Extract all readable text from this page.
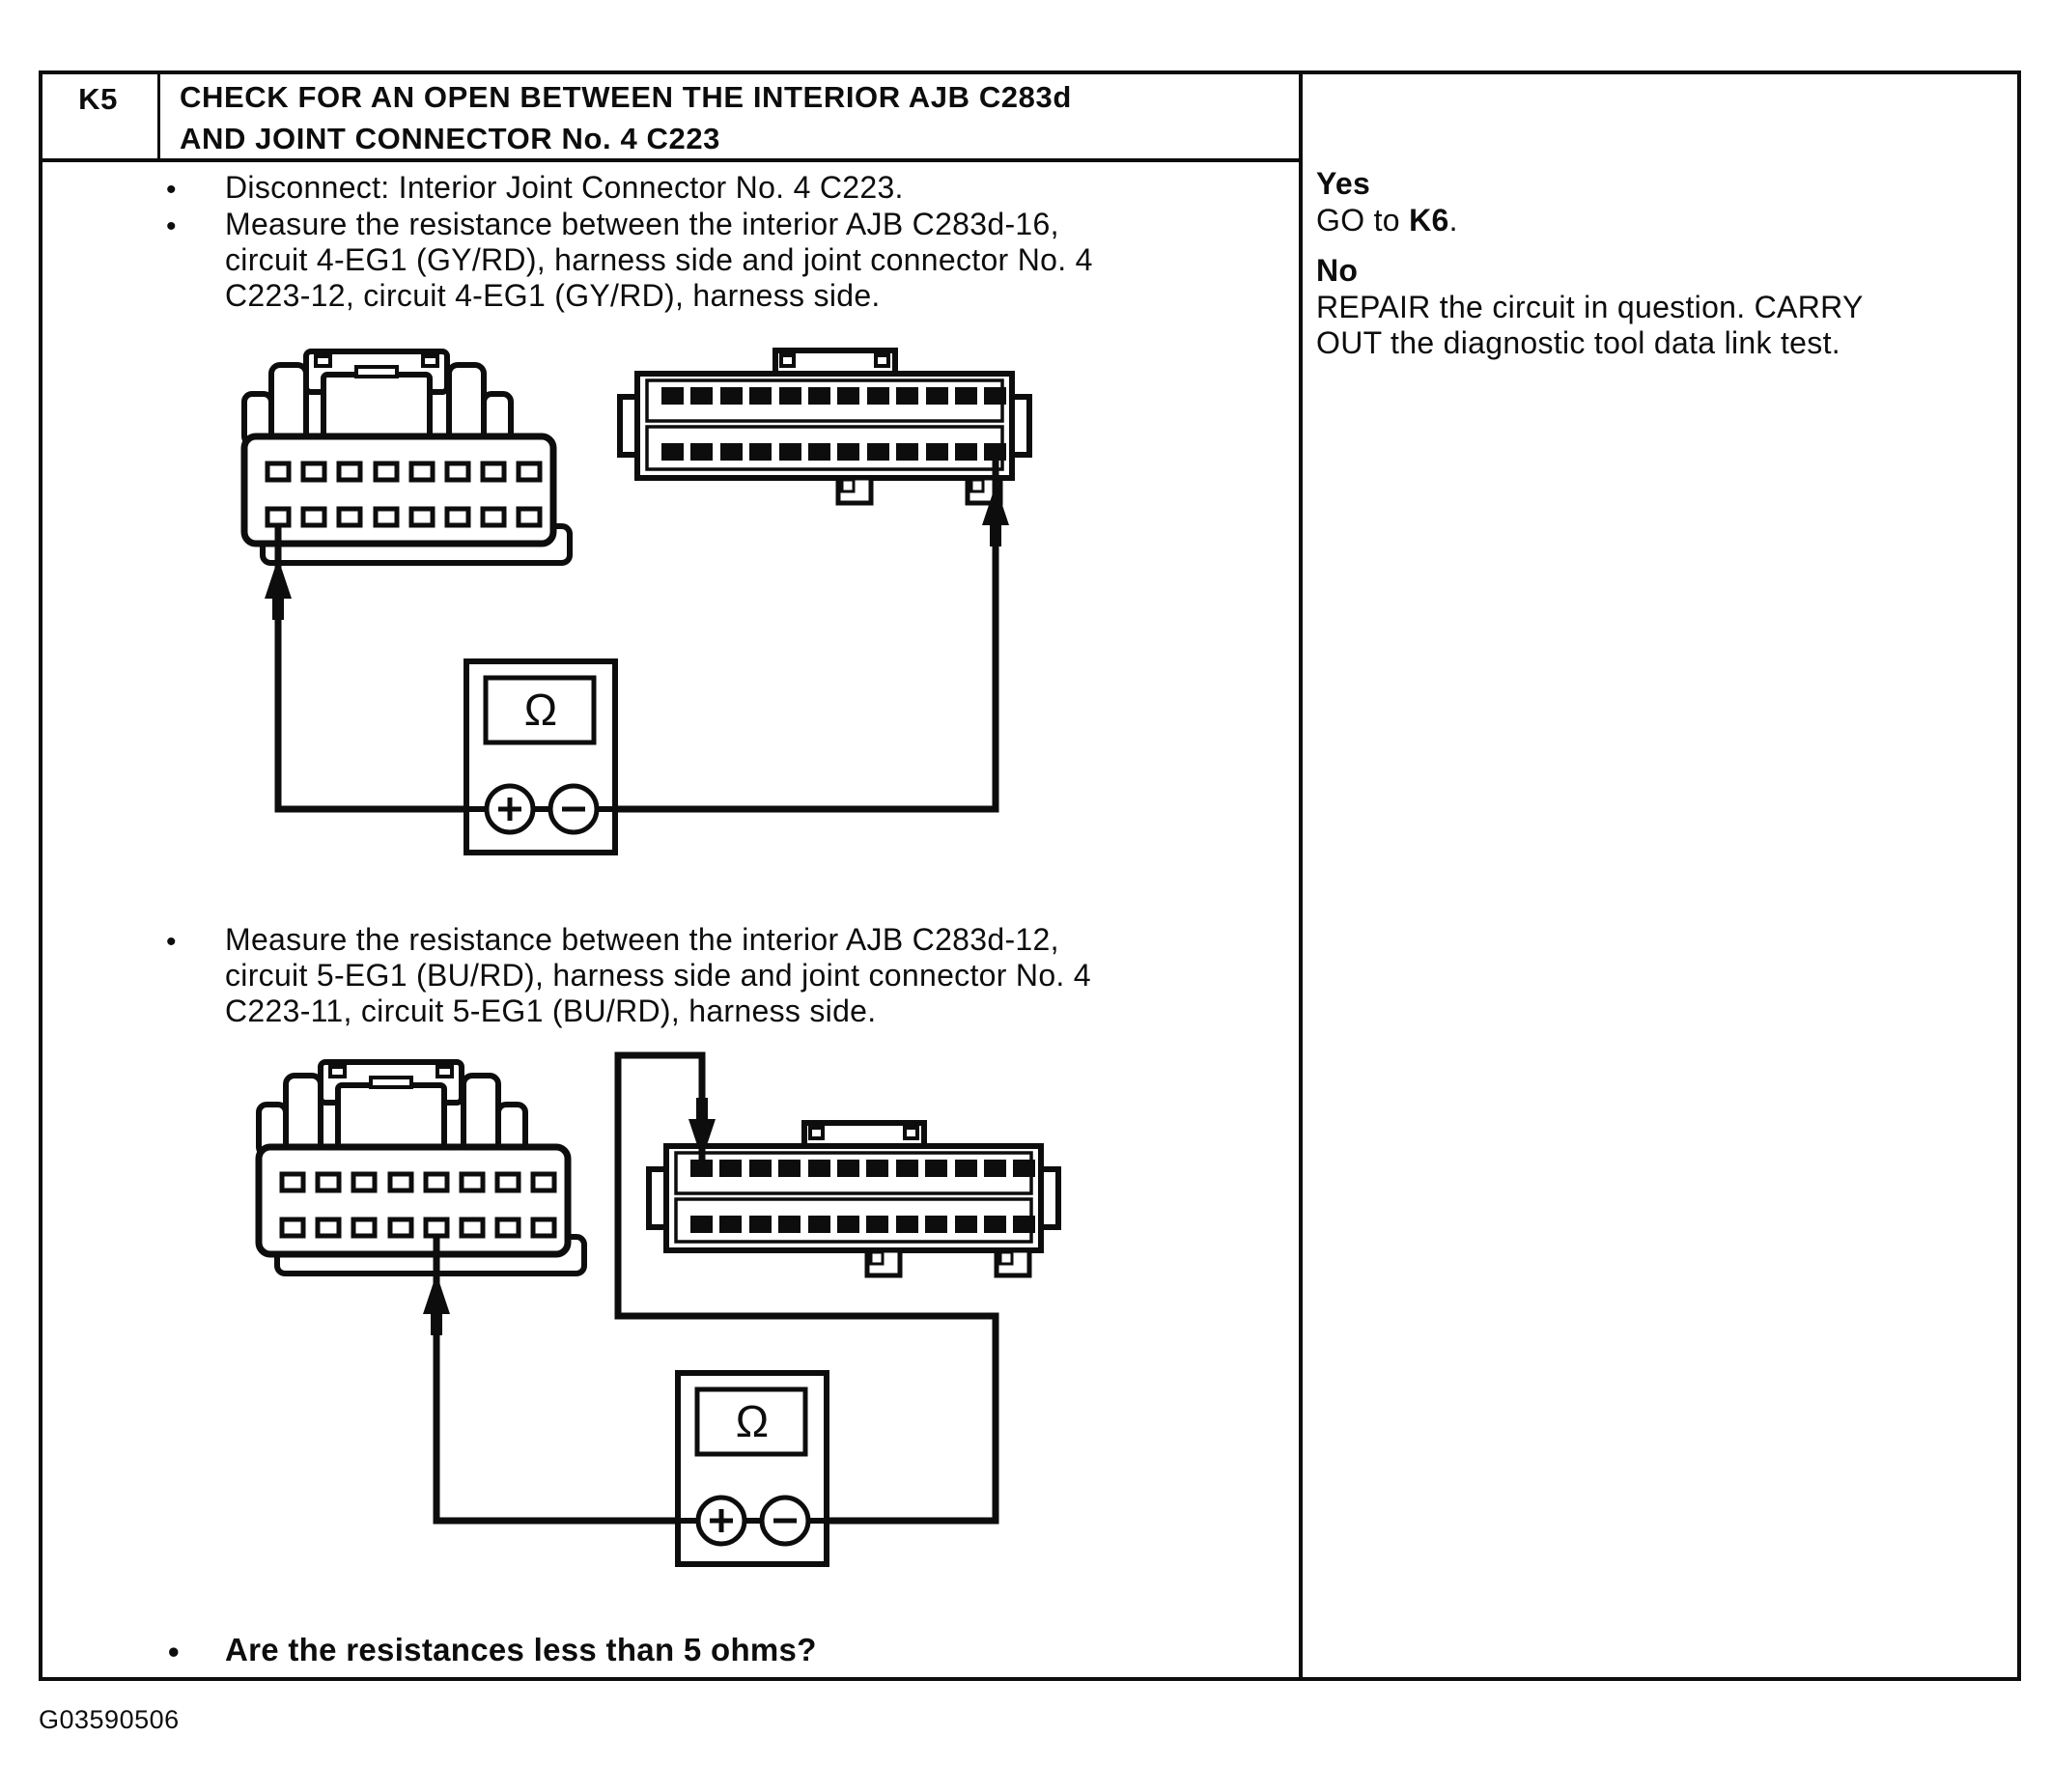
K5	CHECK FOR AN OPEN BETWEEN THE INTERIOR AJB C283d
AND JOINT CONNECTOR No. 4 C223
• Disconnect: Interior Joint Connector No. 4 C223.
• Measure the resistance between the interior AJB C283d-16,
circuit 4-EG1 (GY/RD), harness side and joint connector No. 4
C223-12, circuit 4-EG1 (GY/RD), harness side.
Ω
• Measure the resistance between the interior AJB C283d-12,
circuit 5-EG1 (BU/RD), harness side and joint connector No. 4
C223-11, circuit 5-EG1 (BU/RD), harness side.
Ω
• Are the resistances less than 5 ohms?
Yes
GO to K6.
No
REPAIR the circuit in question. CARRY
OUT the diagnostic tool data link test.
G03590506
